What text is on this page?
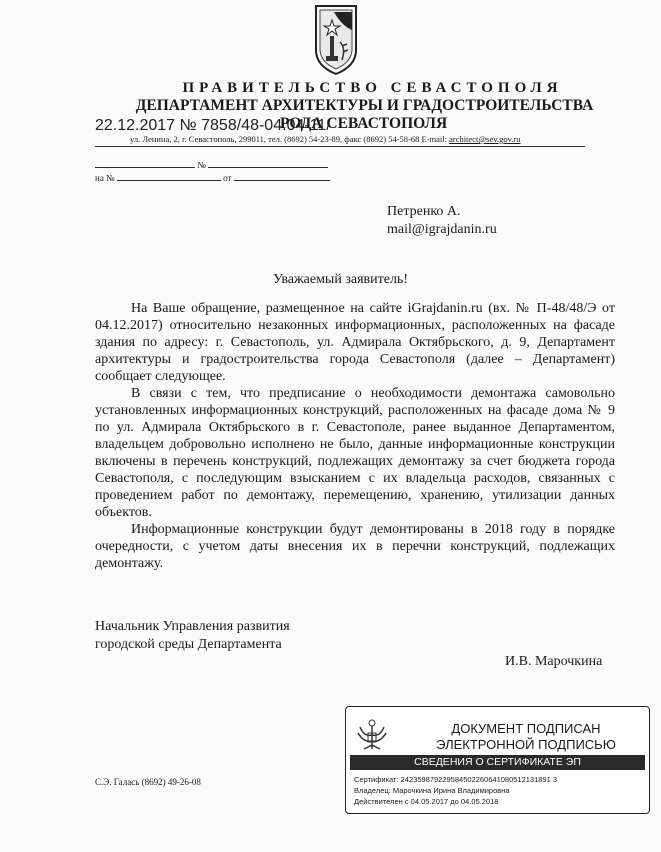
ПРАВИТЕЛЬСТВО СЕВАСТОПОЛЯ
ДЕПАРТАМЕНТ АРХИТЕКТУРЫ И ГРАДОСТРОИТЕЛЬСТВА
22.12.2017 № 7858/48-04.04-11/
РОДА СЕВАСТОПОЛЯ
ул. Ленина, 2, г. Севастополь, 299011, тел. (8692) 54-23-89, факс (8692) 54-58-68 E-mail: architect@sev.gov.ru
№
на №	от
Петренко А.
mail@igrajdanin.ru
Уважаемый заявитель!

На Ваше обращение, размещенное на сайте iGrajdanin.ru (вх. № П-48/48/Э от 04.12.2017) относительно незаконных информационных, расположенных на фасаде здания по адресу: г. Севастополь, ул. Адмирала Октябрьского, д. 9, Департамент архитектуры и градостроительства города Севастополя (далее – Департамент) сообщает следующее.

В связи с тем, что предписание о необходимости демонтажа самовольно установленных информационных конструкций, расположенных на фасаде дома № 9 по ул. Адмирала Октябрьского в г. Севастополе, ранее выданное Департаментом, владельцем добровольно исполнено не было, данные информационные конструкции включены в перечень конструкций, подлежащих демонтажу за счет бюджета города Севастополя, с последующим взысканием с их владельца расходов, связанных с проведением работ по демонтажу, перемещению, хранению, утилизации данных объектов.

Информационные конструкции будут демонтированы в 2018 году в порядке очередности, с учетом даты внесения их в перечни конструкций, подлежащих демонтажу.

Начальник Управления развития
городской среды Департамента
И.В. Марочкина
С.Э. Галась (8692) 49-26-08
ДОКУМЕНТ ПОДПИСАН
ЭЛЕКТРОННОЙ ПОДПИСЬЮ
СВЕДЕНИЯ О СЕРТИФИКАТЕ ЭП
Сертификат: 242359879229584502260641080512131891 3
Владелец: Марочкина Ирина Владимировна
Действителен с 04.05.2017 до 04.05.2018
